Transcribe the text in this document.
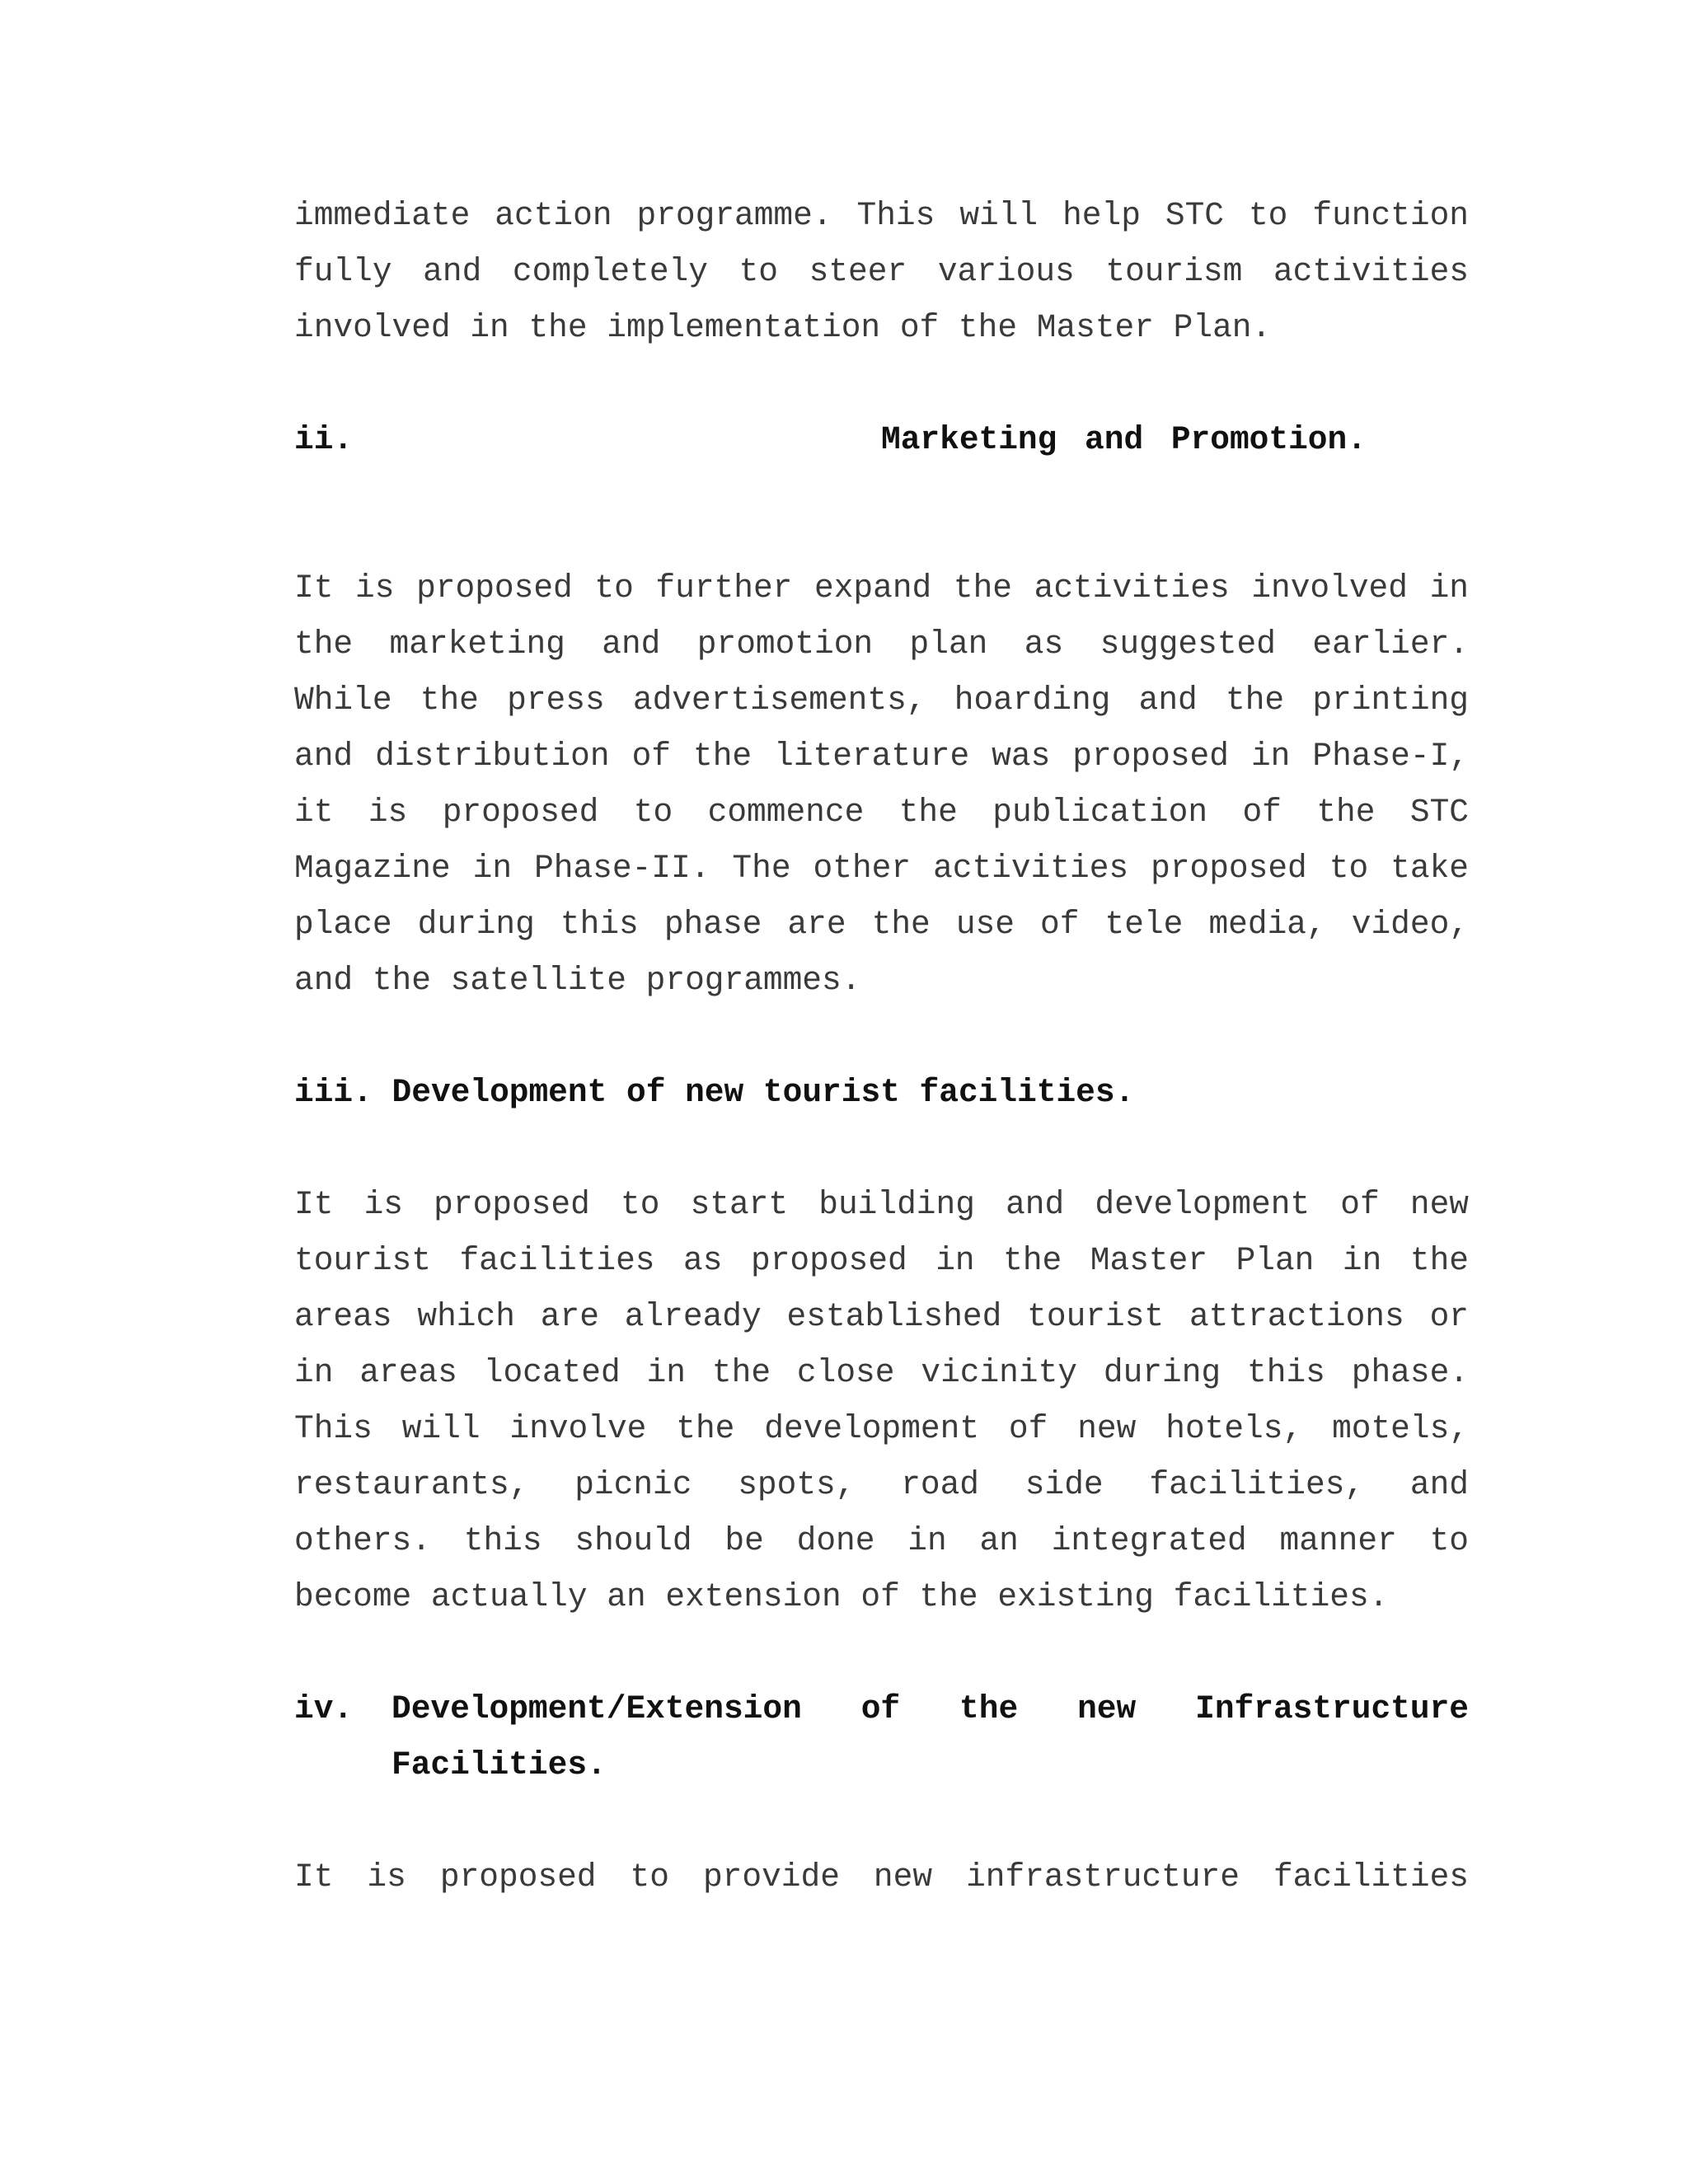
immediate action programme. This will help STC to function
fully and completely to steer various tourism activities
involved in the implementation of the Master Plan.
ii.	Marketing and Promotion.
It is proposed to further expand the activities involved in
the marketing and promotion plan as suggested earlier.
While the press advertisements, hoarding and the printing
and distribution of the literature was proposed in Phase-I,
it is proposed to commence the publication of the STC
Magazine in Phase-II. The other activities proposed to take
place during this phase are the use of tele media, video,
and the satellite programmes.
iii. Development of new tourist facilities.
It is proposed to start building and development of new
tourist facilities as proposed in the Master Plan in the
areas which are already established tourist attractions or
in areas located in the close vicinity during this phase.
This will involve the development of new hotels, motels,
restaurants, picnic spots, road side facilities, and
others. this should be done in an integrated manner to
become actually an extension of the existing facilities.
iv.	Development/Extension of the new Infrastructure
Facilities.
It is proposed to provide new infrastructure facilities
